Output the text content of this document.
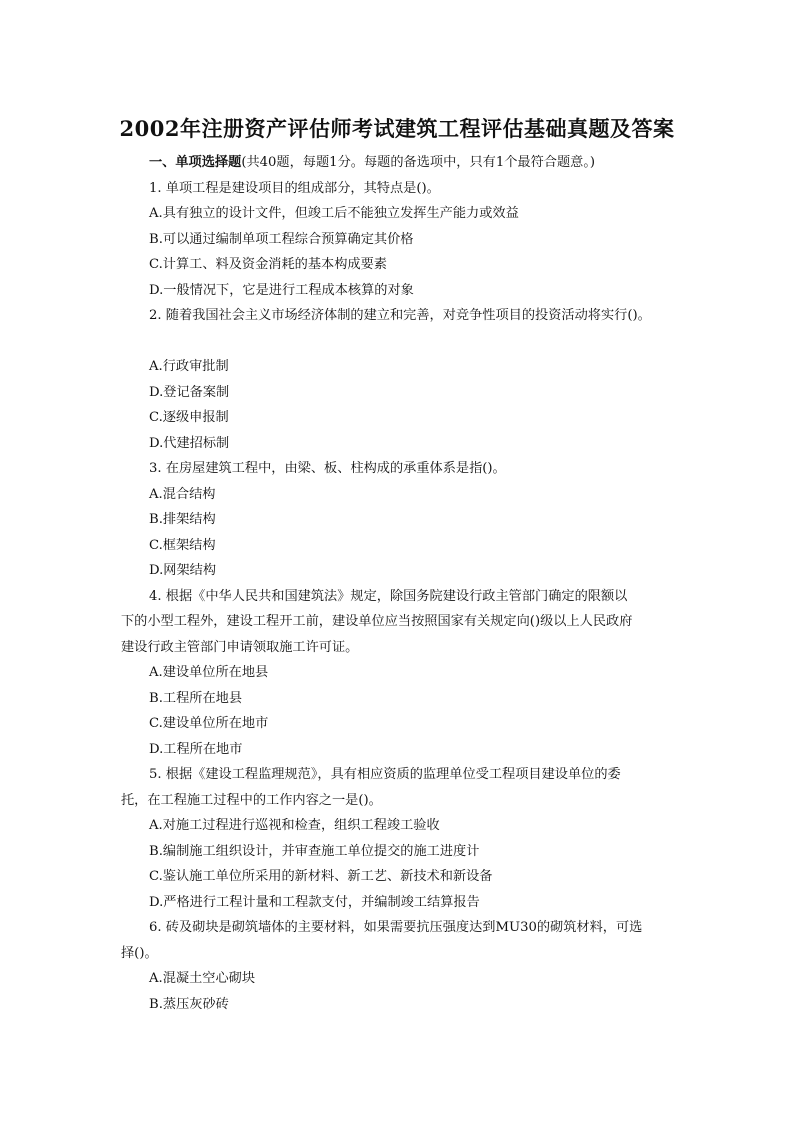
2002年注册资产评估师考试建筑工程评估基础真题及答案

一、单项选择题(共40题，每题1分。每题的备选项中，只有1个最符合题意。)

1. 单项工程是建设项目的组成部分，其特点是()。

A.具有独立的设计文件，但竣工后不能独立发挥生产能力或效益

B.可以通过编制单项工程综合预算确定其价格

C.计算工、料及资金消耗的基本构成要素

D.一般情况下，它是进行工程成本核算的对象

2. 随着我国社会主义市场经济体制的建立和完善，对竞争性项目的投资活动将实行()。

A.行政审批制

D.登记备案制

C.逐级申报制

D.代建招标制

3. 在房屋建筑工程中，由梁、板、柱构成的承重体系是指()。

A.混合结构

B.排架结构

C.框架结构

D.网架结构

4. 根据《中华人民共和国建筑法》规定，除国务院建设行政主管部门确定的限额以

下的小型工程外，建设工程开工前，建设单位应当按照国家有关规定向()级以上人民政府

建设行政主管部门申请领取施工许可证。

A.建设单位所在地县

B.工程所在地县

C.建设单位所在地市

D.工程所在地市

5. 根据《建设工程监理规范》，具有相应资质的监理单位受工程项目建设单位的委

托，在工程施工过程中的工作内容之一是()。

A.对施工过程进行巡视和检查，组织工程竣工验收

B.编制施工组织设计，并审查施工单位提交的施工进度计

C.鉴认施工单位所采用的新材料、新工艺、新技术和新设备

D.严格进行工程计量和工程款支付，并编制竣工结算报告

6. 砖及砌块是砌筑墙体的主要材料，如果需要抗压强度达到MU30的砌筑材料，可选

择()。

A.混凝土空心砌块

B.蒸压灰砂砖
